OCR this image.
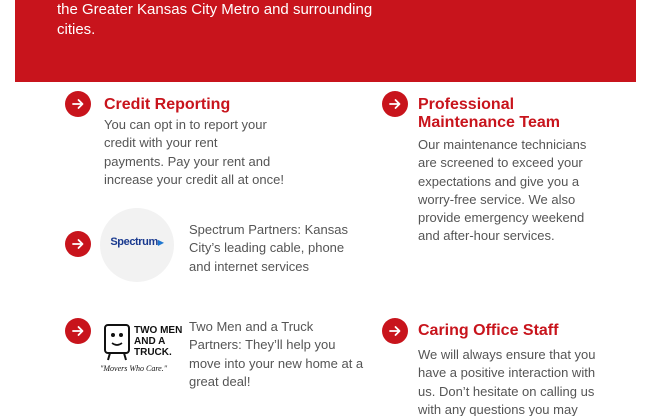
the Greater Kansas City Metro and surrounding
cities.
Credit Reporting
You can opt in to report your
credit with your rent
payments. Pay your rent and
increase your credit all at once!
Professional
Maintenance Team
Our maintenance technicians
are screened to exceed your
expectations and give you a
worry-free service. We also
provide emergency weekend
and after-hour services.
Spectrum▶
Spectrum Partners: Kansas
City’s leading cable, phone
and internet services
TWO MEN
AND A
TRUCK.
"Movers Who Care."
Two Men and a Truck
Partners: They’ll help you
move into your new home at a
great deal!
Caring Office Staff
We will always ensure that you
have a positive interaction with
us. Don’t hesitate on calling us
with any questions you may
